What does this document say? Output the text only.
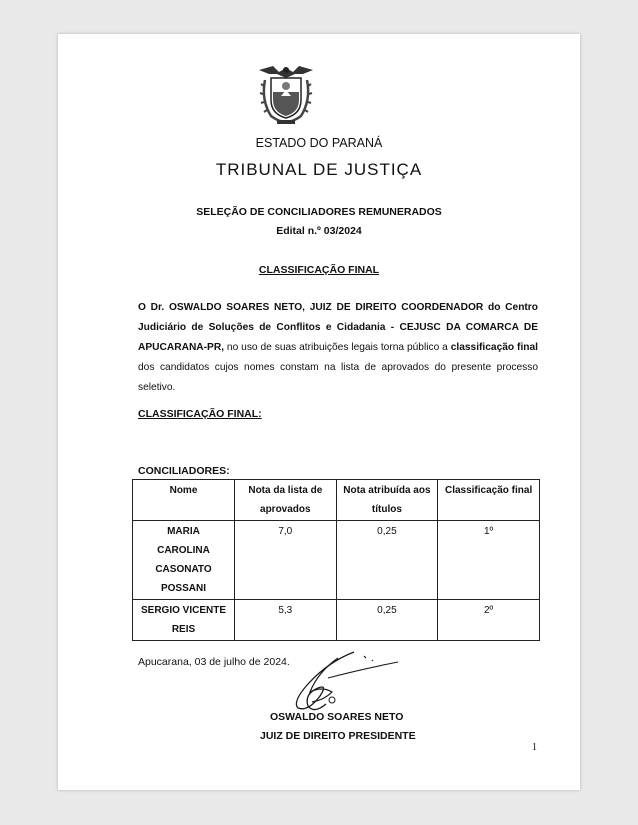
ESTADO DO PARANÁ
TRIBUNAL DE JUSTIÇA
SELEÇÃO DE CONCILIADORES REMUNERADOS
Edital n.º 03/2024
CLASSIFICAÇÃO FINAL
O Dr. OSWALDO SOARES NETO, JUIZ DE DIREITO COORDENADOR do Centro Judiciário de Soluções de Conflitos e Cidadania - CEJUSC DA COMARCA DE APUCARANA-PR, no uso de suas atribuições legais torna público a classificação final dos candidatos cujos nomes constam na lista de aprovados do presente processo seletivo.
CLASSIFICAÇÃO FINAL:
CONCILIADORES:
Nome	Nota da lista de aprovados	Nota atribuída aos títulos	Classificação final
MARIA CAROLINA CASONATO POSSANI	7,0	0,25	1º
SERGIO VICENTE REIS	5,3	0,25	2º
Apucarana, 03 de julho de 2024.
OSWALDO SOARES NETO
JUIZ DE DIREITO PRESIDENTE
1
